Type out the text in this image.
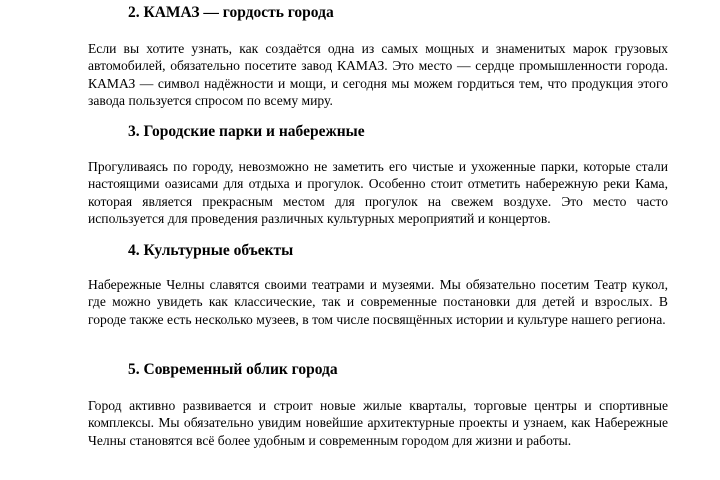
2. КАМАЗ — гордость города

Если вы хотите узнать, как создаётся одна из самых мощных и знаменитых марок грузовых автомобилей, обязательно посетите завод КАМАЗ. Это место — сердце промышленности города. КАМАЗ — символ надёжности и мощи, и сегодня мы можем гордиться тем, что продукция этого завода пользуется спросом по всему миру.

3. Городские парки и набережные

Прогуливаясь по городу, невозможно не заметить его чистые и ухоженные парки, которые стали настоящими оазисами для отдыха и прогулок. Особенно стоит отметить набережную реки Кама, которая является прекрасным местом для прогулок на свежем воздухе. Это место часто используется для проведения различных культурных мероприятий и концертов.

4. Культурные объекты

Набережные Челны славятся своими театрами и музеями. Мы обязательно посетим Театр кукол, где можно увидеть как классические, так и современные постановки для детей и взрослых. В городе также есть несколько музеев, в том числе посвящённых истории и культуре нашего региона.

5. Современный облик города

Город активно развивается и строит новые жилые кварталы, торговые центры и спортивные комплексы. Мы обязательно увидим новейшие архитектурные проекты и узнаем, как Набережные Челны становятся всё более удобным и современным городом для жизни и работы.
